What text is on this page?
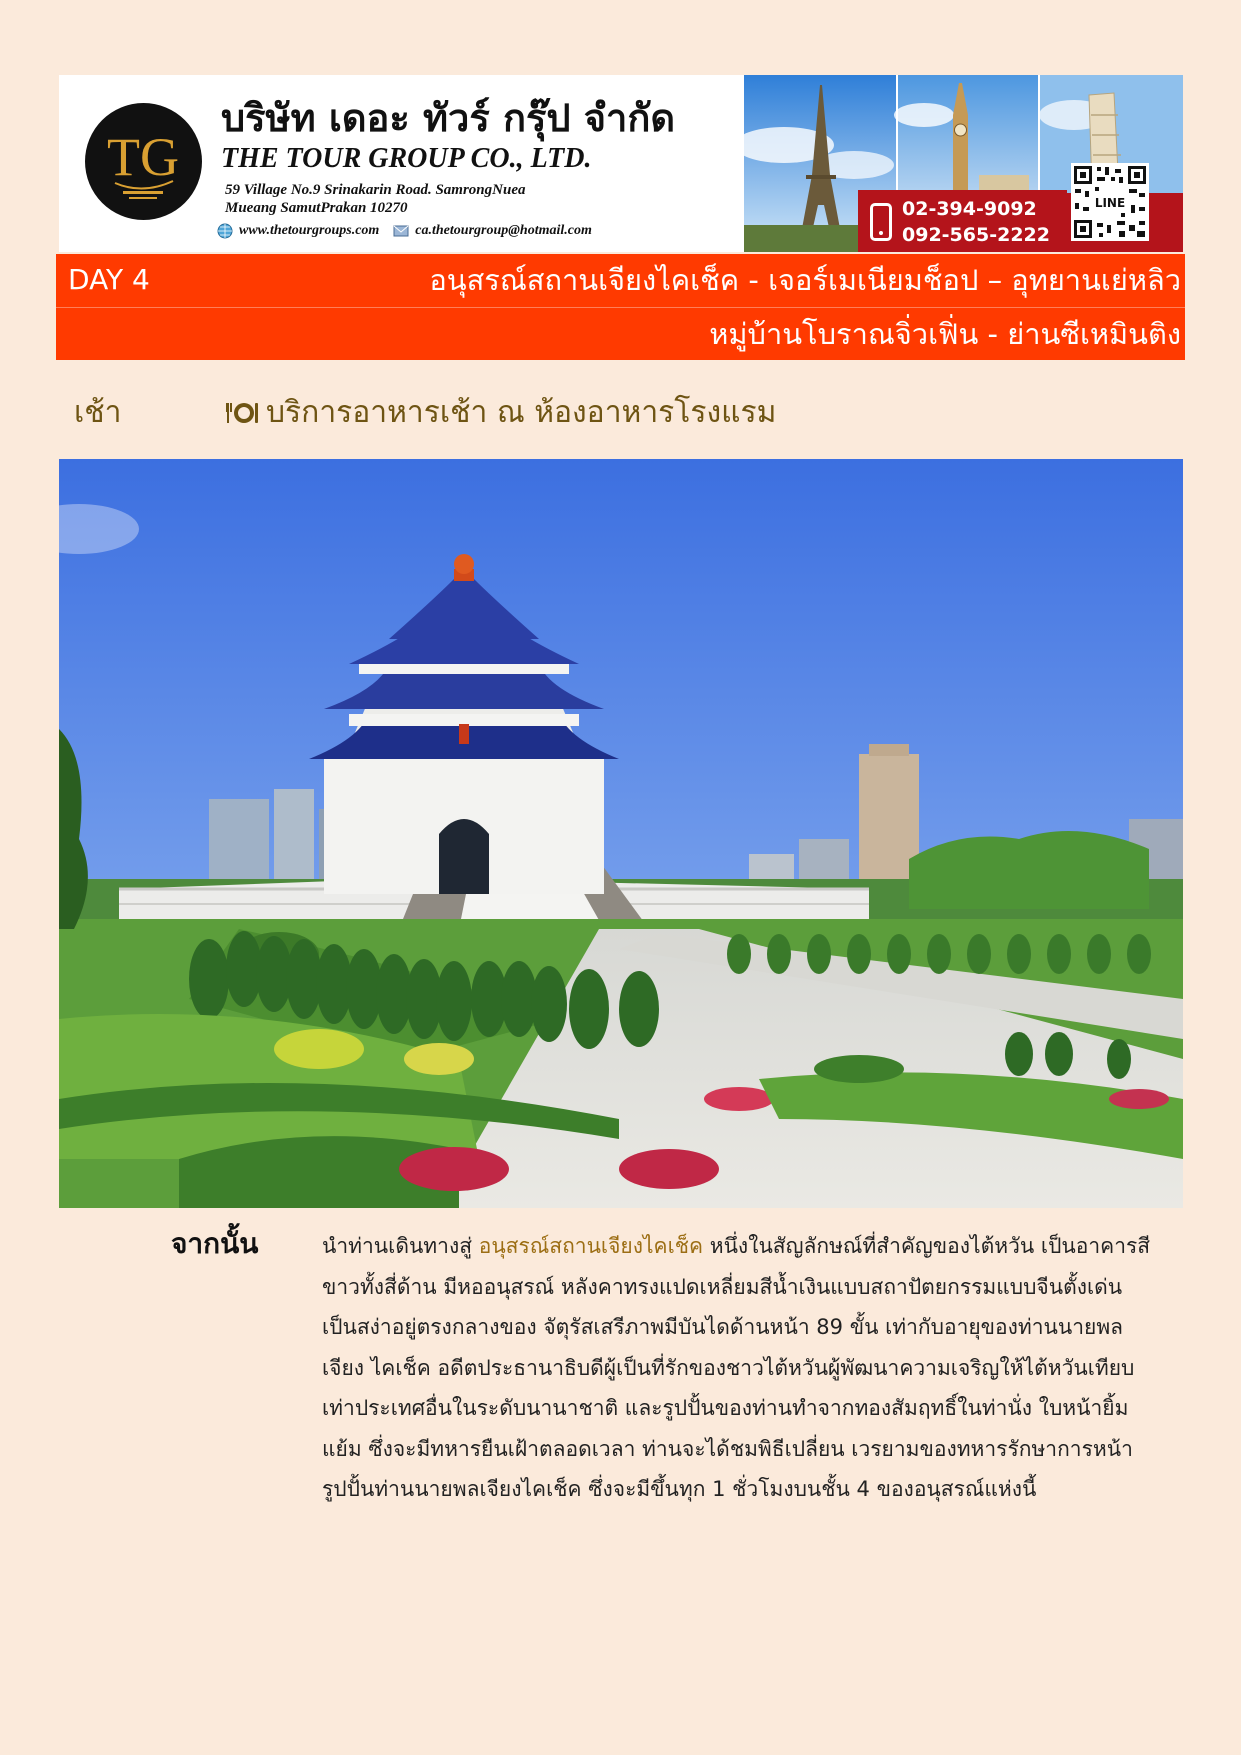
TG
บริษัท เดอะ ทัวร์ กรุ๊ป จำกัด
THE TOUR GROUP CO., LTD.
59 Village No.9 Srinakarin Road. SamrongNuea
Mueang SamutPrakan 10270
www.thetourgroups.com	ca.thetourgroup@hotmail.com
02-394-9092
092-565-2222
LINE
DAY 4	อนุสรณ์สถานเจียงไคเช็ค - เจอร์เมเนียมช็อป – อุทยานเย่หลิว
หมู่บ้านโบราณจิ่วเฟิ่น - ย่านซีเหมินติง
เช้า	บริการอาหารเช้า ณ ห้องอาหารโรงแรม
จากนั้น	นำท่านเดินทางสู่ อนุสรณ์สถานเจียงไคเช็ค หนึ่งในสัญลักษณ์ที่สำคัญของไต้หวัน เป็นอาคารสีขาวทั้งสี่ด้าน มีหออนุสรณ์ หลังคาทรงแปดเหลี่ยมสีน้ำเงินแบบสถาปัตยกรรมแบบจีนตั้งเด่นเป็นสง่าอยู่ตรงกลางของ จัตุรัสเสรีภาพมีบันไดด้านหน้า 89 ขั้น เท่ากับอายุของท่านนายพลเจียง ไคเช็ค อดีตประธานาธิบดีผู้เป็นที่รักของชาวไต้หวันผู้พัฒนาความเจริญให้ไต้หวันเทียบเท่าประเทศอื่นในระดับนานาชาติ และรูปปั้นของท่านทำจากทองสัมฤทธิ์ในท่านั่ง ใบหน้ายิ้มแย้ม ซึ่งจะมีทหารยืนเฝ้าตลอดเวลา ท่านจะได้ชมพิธีเปลี่ยน เวรยามของทหารรักษาการหน้ารูปปั้นท่านนายพลเจียงไคเช็ค ซึ่งจะมีขึ้นทุก 1 ชั่วโมงบนชั้น 4 ของอนุสรณ์แห่งนี้
